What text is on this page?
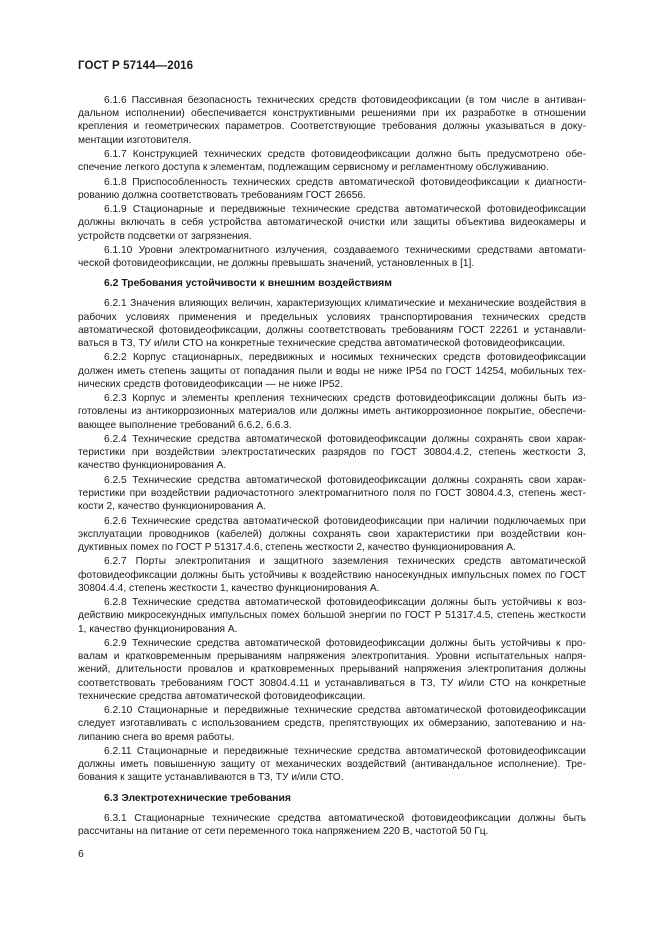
ГОСТ Р 57144—2016

6.1.6 Пассивная безопасность технических средств фотовидеофиксации (в том числе в антивандальном исполнении) обеспечивается конструктивными решениями при их разработке в отношении крепления и геометрических параметров. Соответствующие требования должны указываться в документации изготовителя.

6.1.7 Конструкцией технических средств фотовидеофиксации должно быть предусмотрено обеспечение легкого доступа к элементам, подлежащим сервисному и регламентному обслуживанию.

6.1.8 Приспособленность технических средств автоматической фотовидеофиксации к диагностированию должна соответствовать требованиям ГОСТ 26656.

6.1.9 Стационарные и передвижные технические средства автоматической фотовидеофиксации должны включать в себя устройства автоматической очистки или защиты объектива видеокамеры и устройств подсветки от загрязнения.

6.1.10 Уровни электромагнитного излучения, создаваемого техническими средствами автоматической фотовидеофиксации, не должны превышать значений, установленных в [1].

6.2 Требования устойчивости к внешним воздействиям

6.2.1 Значения влияющих величин, характеризующих климатические и механические воздействия в рабочих условиях применения и предельных условиях транспортирования технических средств автоматической фотовидеофиксации, должны соответствовать требованиям ГОСТ 22261 и устанавливаться в ТЗ, ТУ и/или СТО на конкретные технические средства автоматической фотовидеофиксации.

6.2.2 Корпус стационарных, передвижных и носимых технических средств фотовидеофиксации должен иметь степень защиты от попадания пыли и воды не ниже IP54 по ГОСТ 14254, мобильных технических средств фотовидеофиксации — не ниже IP52.

6.2.3 Корпус и элементы крепления технических средств фотовидеофиксации должны быть изготовлены из антикоррозионных материалов или должны иметь антикоррозионное покрытие, обеспечивающее выполнение требований 6.6.2, 6.6.3.

6.2.4 Технические средства автоматической фотовидеофиксации должны сохранять свои характеристики при воздействии электростатических разрядов по ГОСТ 30804.4.2, степень жесткости 3, качество функционирования А.

6.2.5 Технические средства автоматической фотовидеофиксации должны сохранять свои характеристики при воздействии радиочастотного электромагнитного поля по ГОСТ 30804.4.3, степень жесткости 2, качество функционирования А.

6.2.6 Технические средства автоматической фотовидеофиксации при наличии подключаемых при эксплуатации проводников (кабелей) должны сохранять свои характеристики при воздействии кондуктивных помех по ГОСТ Р 51317.4.6, степень жесткости 2, качество функционирования А.

6.2.7 Порты электропитания и защитного заземления технических средств автоматической фотовидеофиксации должны быть устойчивы к воздействию наносекундных импульсных помех по ГОСТ 30804.4.4, степень жесткости 1, качество функционирования А.

6.2.8 Технические средства автоматической фотовидеофиксации должны быть устойчивы к воздействию микросекундных импульсных помех большой энергии по ГОСТ Р 51317.4.5, степень жесткости 1, качество функционирования А.

6.2.9 Технические средства автоматической фотовидеофиксации должны быть устойчивы к провалам и кратковременным прерываниям напряжения электропитания. Уровни испытательных напряжений, длительности провалов и кратковременных прерываний напряжения электропитания должны соответствовать требованиям ГОСТ 30804.4.11 и устанавливаться в ТЗ, ТУ и/или СТО на конкретные технические средства автоматической фотовидеофиксации.

6.2.10 Стационарные и передвижные технические средства автоматической фотовидеофиксации следует изготавливать с использованием средств, препятствующих их обмерзанию, запотеванию и налипанию снега во время работы.

6.2.11 Стационарные и передвижные технические средства автоматической фотовидеофиксации должны иметь повышенную защиту от механических воздействий (антивандальное исполнение). Требования к защите устанавливаются в ТЗ, ТУ и/или СТО.

6.3 Электротехнические требования

6.3.1 Стационарные технические средства автоматической фотовидеофиксации должны быть рассчитаны на питание от сети переменного тока напряжением 220 В, частотой 50 Гц.

6
